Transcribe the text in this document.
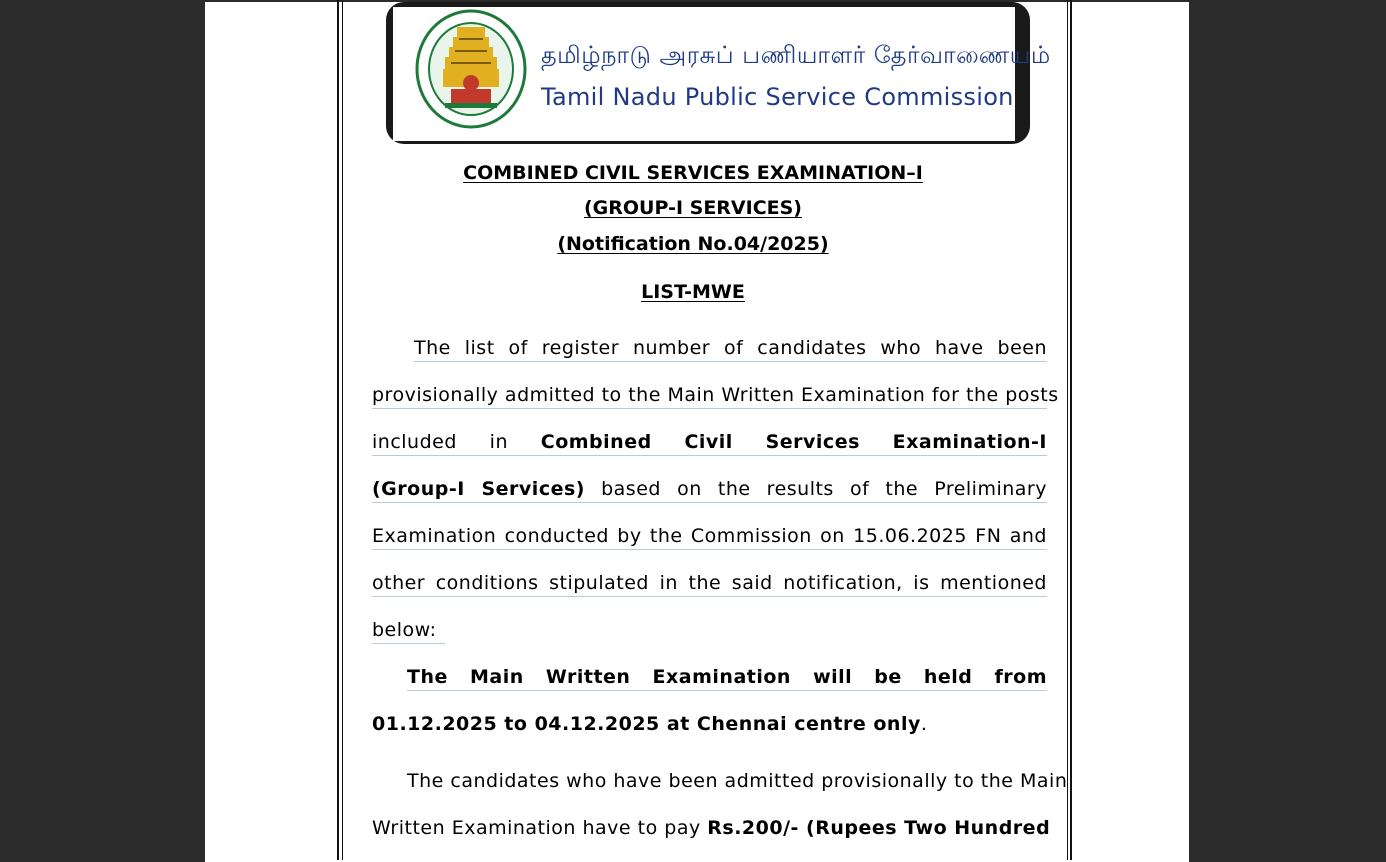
தமிழ்நாடு அரசுப் பணியாளர் தேர்வாணையம்
Tamil Nadu Public Service Commission
COMBINED CIVIL SERVICES EXAMINATION–I
(GROUP-I SERVICES)
(Notification No.04/2025)
LIST-MWE
The list of register number of candidates who have been
provisionally admitted to the Main Written Examination for the posts
included in Combined Civil Services Examination-I
(Group-I Services) based on the results of the Preliminary
Examination conducted by the Commission on 15.06.2025 FN and
other conditions stipulated in the said notification, is mentioned
below:
The Main Written Examination will be held from
01.12.2025 to 04.12.2025 at Chennai centre only.
The candidates who have been admitted provisionally to the Main
Written Examination have to pay Rs.200/- (Rupees Two Hundred
